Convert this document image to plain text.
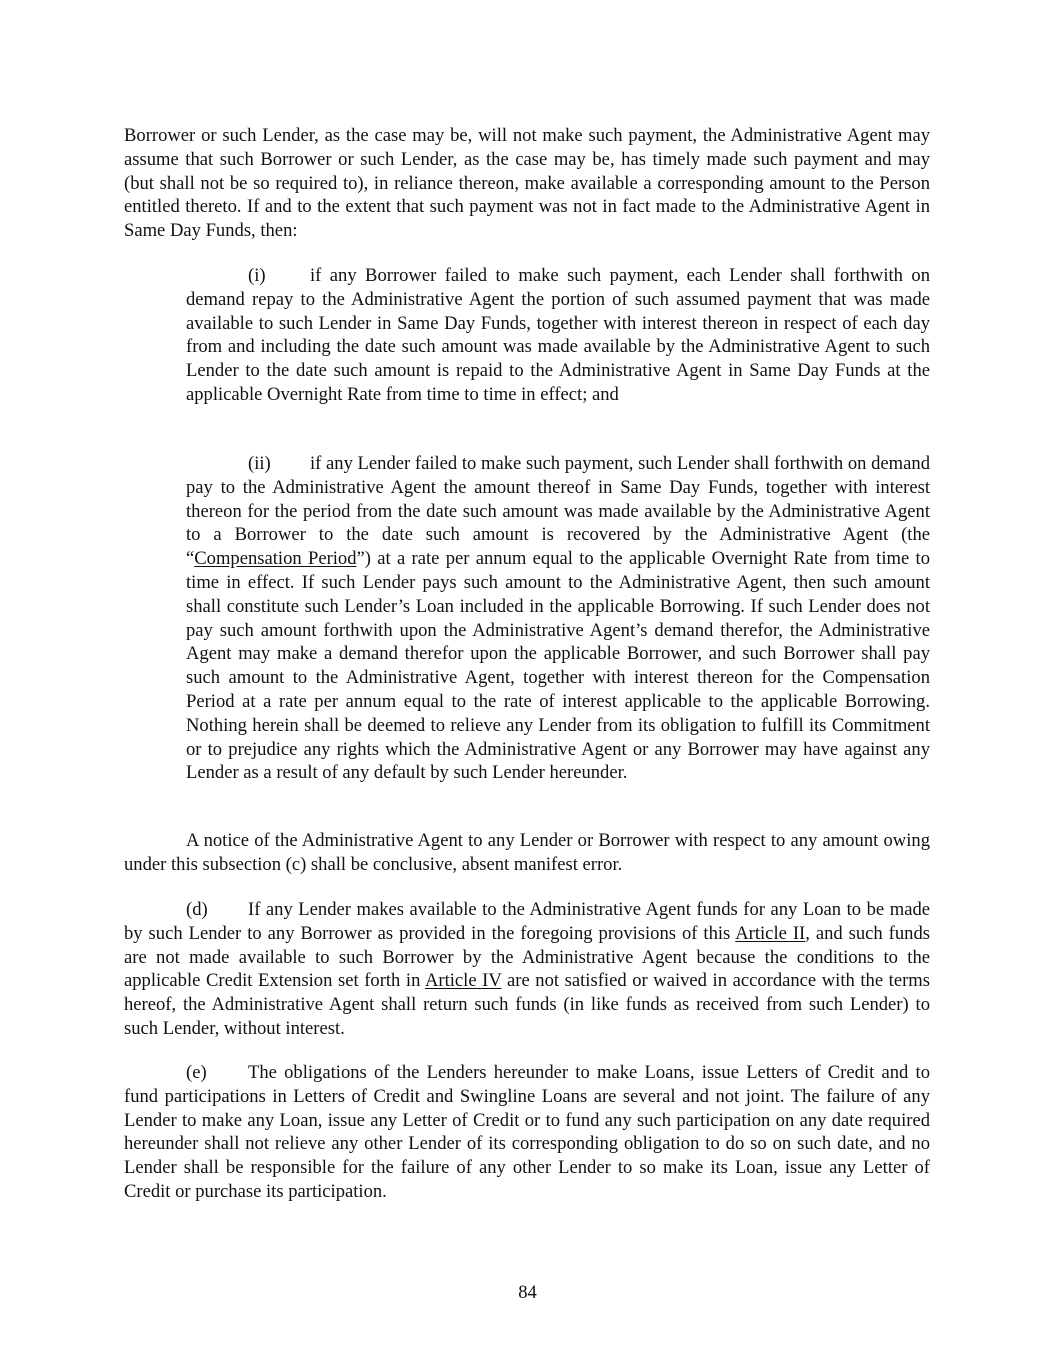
Borrower or such Lender, as the case may be, will not make such payment, the Administrative Agent may assume that such Borrower or such Lender, as the case may be, has timely made such payment and may (but shall not be so required to), in reliance thereon, make available a corresponding amount to the Person entitled thereto. If and to the extent that such payment was not in fact made to the Administrative Agent in Same Day Funds, then:

(i) if any Borrower failed to make such payment, each Lender shall forthwith on demand repay to the Administrative Agent the portion of such assumed payment that was made available to such Lender in Same Day Funds, together with interest thereon in respect of each day from and including the date such amount was made available by the Administrative Agent to such Lender to the date such amount is repaid to the Administrative Agent in Same Day Funds at the applicable Overnight Rate from time to time in effect; and

(ii) if any Lender failed to make such payment, such Lender shall forthwith on demand pay to the Administrative Agent the amount thereof in Same Day Funds, together with interest thereon for the period from the date such amount was made available by the Administrative Agent to a Borrower to the date such amount is recovered by the Administrative Agent (the “Compensation Period”) at a rate per annum equal to the applicable Overnight Rate from time to time in effect. If such Lender pays such amount to the Administrative Agent, then such amount shall constitute such Lender’s Loan included in the applicable Borrowing. If such Lender does not pay such amount forthwith upon the Administrative Agent’s demand therefor, the Administrative Agent may make a demand therefor upon the applicable Borrower, and such Borrower shall pay such amount to the Administrative Agent, together with interest thereon for the Compensation Period at a rate per annum equal to the rate of interest applicable to the applicable Borrowing. Nothing herein shall be deemed to relieve any Lender from its obligation to fulfill its Commitment or to prejudice any rights which the Administrative Agent or any Borrower may have against any Lender as a result of any default by such Lender hereunder.

A notice of the Administrative Agent to any Lender or Borrower with respect to any amount owing under this subsection (c) shall be conclusive, absent manifest error.

(d) If any Lender makes available to the Administrative Agent funds for any Loan to be made by such Lender to any Borrower as provided in the foregoing provisions of this Article II, and such funds are not made available to such Borrower by the Administrative Agent because the conditions to the applicable Credit Extension set forth in Article IV are not satisfied or waived in accordance with the terms hereof, the Administrative Agent shall return such funds (in like funds as received from such Lender) to such Lender, without interest.

(e) The obligations of the Lenders hereunder to make Loans, issue Letters of Credit and to fund participations in Letters of Credit and Swingline Loans are several and not joint. The failure of any Lender to make any Loan, issue any Letter of Credit or to fund any such participation on any date required hereunder shall not relieve any other Lender of its corresponding obligation to do so on such date, and no Lender shall be responsible for the failure of any other Lender to so make its Loan, issue any Letter of Credit or purchase its participation.

84
